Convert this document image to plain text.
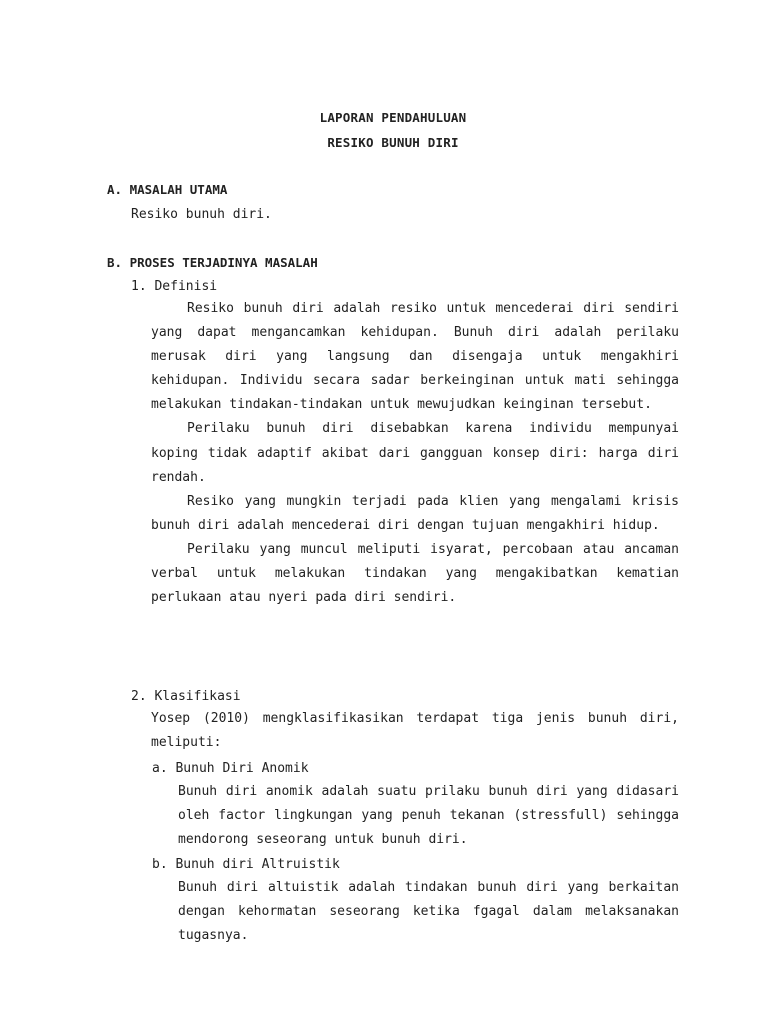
LAPORAN PENDAHULUAN
RESIKO BUNUH DIRI
A. MASALAH UTAMA
Resiko bunuh diri.
B. PROSES TERJADINYA MASALAH
1. Definisi

Resiko bunuh diri adalah resiko untuk mencederai diri sendiri yang dapat mengancamkan kehidupan. Bunuh diri adalah perilaku merusak diri yang langsung dan disengaja untuk mengakhiri kehidupan. Individu secara sadar berkeinginan untuk mati sehingga melakukan tindakan-tindakan untuk mewujudkan keinginan tersebut.

Perilaku bunuh diri disebabkan karena individu mempunyai koping tidak adaptif akibat dari gangguan konsep diri: harga diri rendah.

Resiko yang mungkin terjadi pada klien yang mengalami krisis bunuh diri adalah mencederai diri dengan tujuan mengakhiri hidup.

Perilaku yang muncul meliputi isyarat, percobaan atau ancaman verbal untuk melakukan tindakan yang mengakibatkan kematian perlukaan atau nyeri pada diri sendiri.

2. Klasifikasi
Yosep (2010) mengklasifikasikan terdapat tiga jenis bunuh diri, meliputi:
a. Bunuh Diri Anomik
Bunuh diri anomik adalah suatu prilaku bunuh diri yang didasari oleh factor lingkungan yang penuh tekanan (stressfull) sehingga mendorong seseorang untuk bunuh diri.
b. Bunuh diri Altruistik
Bunuh diri altuistik adalah tindakan bunuh diri yang berkaitan dengan kehormatan seseorang ketika fgagal dalam melaksanakan tugasnya.
